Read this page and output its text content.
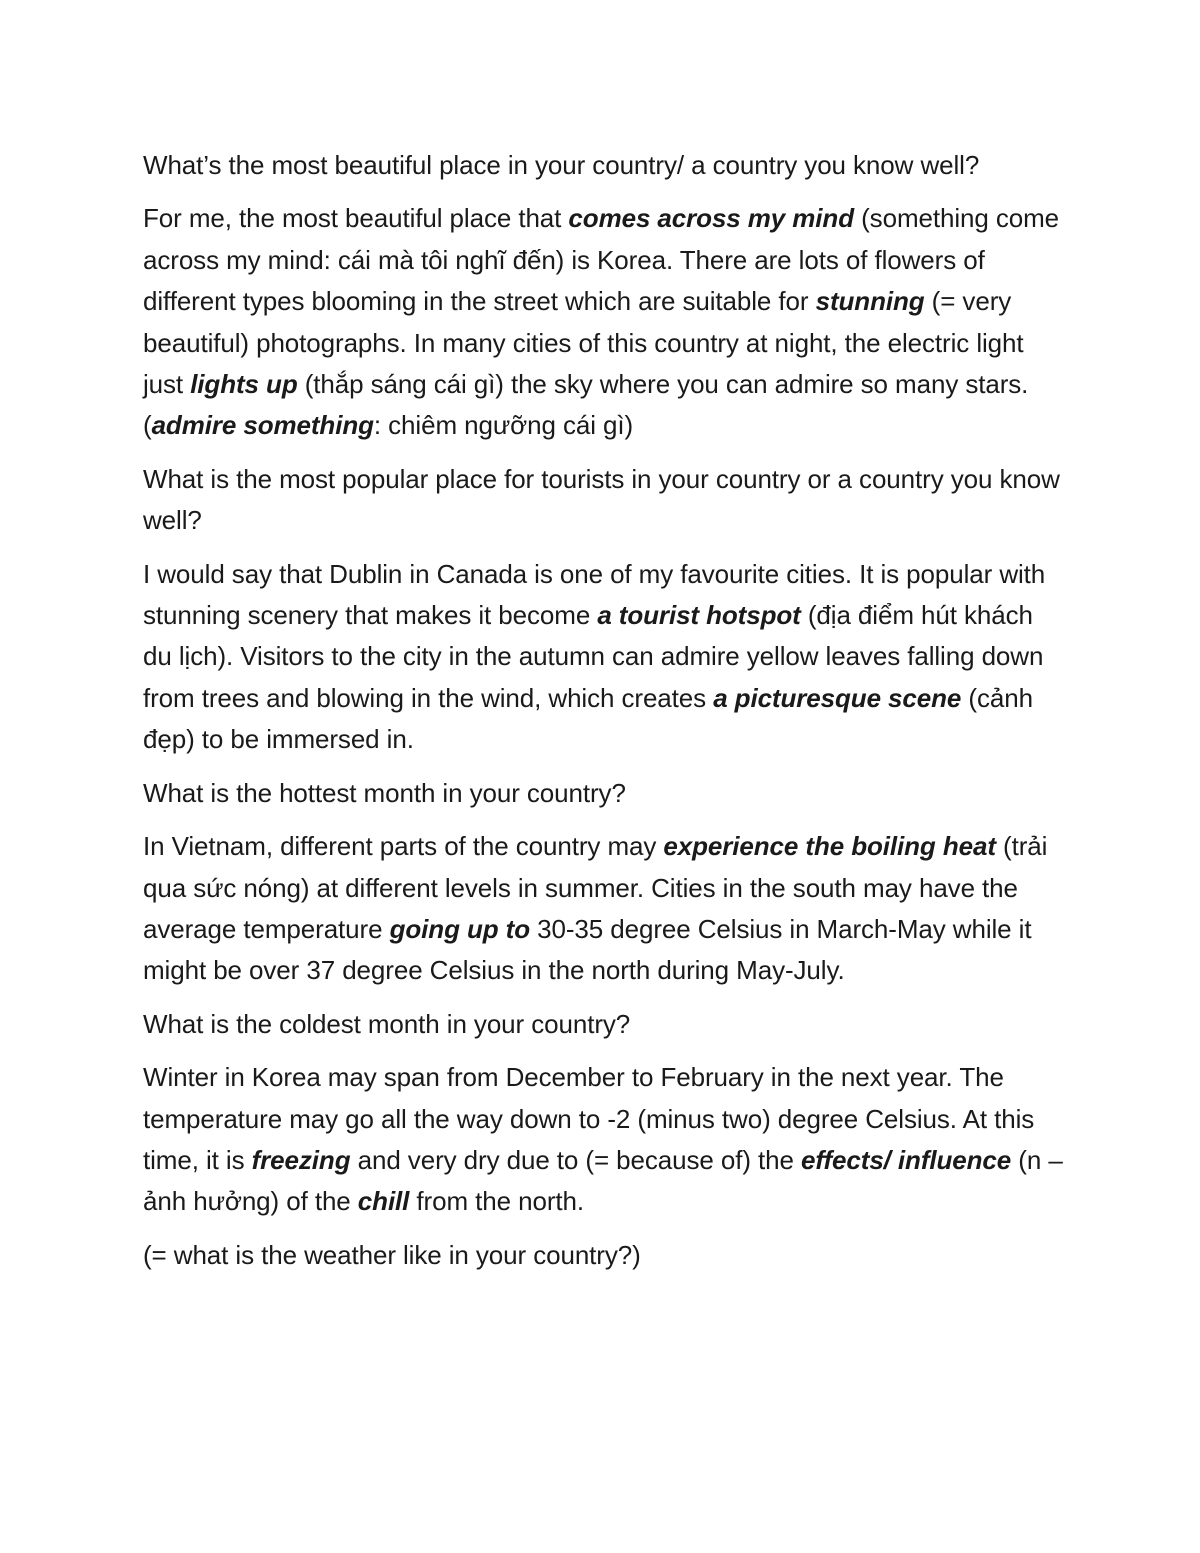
What’s the most beautiful place in your country/ a country you know well?

For me, the most beautiful place that comes across my mind (something come across my mind: cái mà tôi nghĩ đến) is Korea. There are lots of flowers of different types blooming in the street which are suitable for stunning (= very beautiful) photographs. In many cities of this country at night, the electric light just lights up (thắp sáng cái gì) the sky where you can admire so many stars. (admire something: chiêm ngưỡng cái gì)

What is the most popular place for tourists in your country or a country you know well?

I would say that Dublin in Canada is one of my favourite cities. It is popular with stunning scenery that makes it become a tourist hotspot (địa điểm hút khách du lịch). Visitors to the city in the autumn can admire yellow leaves falling down from trees and blowing in the wind, which creates a picturesque scene (cảnh đẹp) to be immersed in.

What is the hottest month in your country?

In Vietnam, different parts of the country may experience the boiling heat (trải qua sức nóng) at different levels in summer. Cities in the south may have the average temperature going up to 30-35 degree Celsius in March-May while it might be over 37 degree Celsius in the north during May-July.

What is the coldest month in your country?

Winter in Korea may span from December to February in the next year. The temperature may go all the way down to -2 (minus two) degree Celsius. At this time, it is freezing and very dry due to (= because of) the effects/ influence (n – ảnh hưởng) of the chill from the north.

(= what is the weather like in your country?)
